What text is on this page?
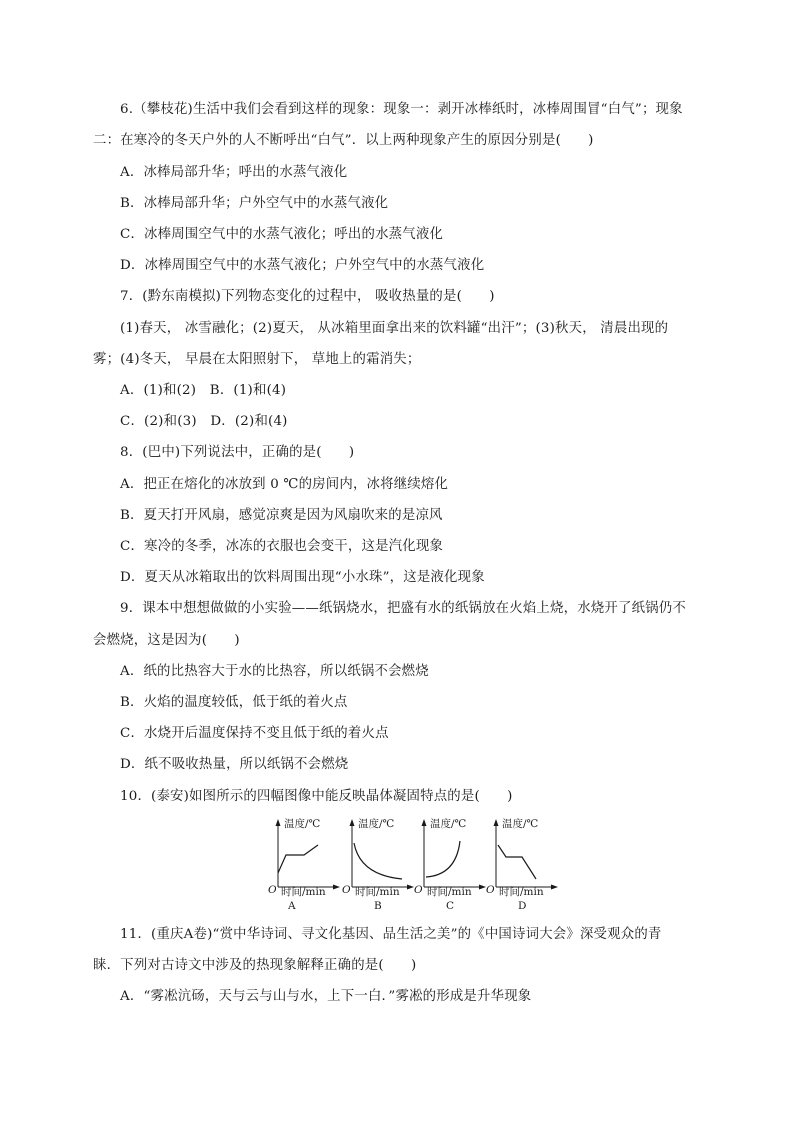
6.（攀枝花)生活中我们会看到这样的现象：现象一：剥开冰棒纸时，冰棒周围冒“白气”；现象
二：在寒冷的冬天户外的人不断呼出“白气”．以上两种现象产生的原因分别是(　　)
A．冰棒局部升华；呼出的水蒸气液化
B．冰棒局部升华；户外空气中的水蒸气液化
C．冰棒周围空气中的水蒸气液化；呼出的水蒸气液化
D．冰棒周围空气中的水蒸气液化；户外空气中的水蒸气液化
7．(黔东南模拟)下列物态变化的过程中， 吸收热量的是(　　)
(1)春天， 冰雪融化；(2)夏天， 从冰箱里面拿出来的饮料罐“出汗”；(3)秋天， 清晨出现的
雾；(4)冬天， 早晨在太阳照射下， 草地上的霜消失；
A．(1)和(2)　B．(1)和(4)
C．(2)和(3)　D．(2)和(4)
8．(巴中)下列说法中，正确的是(　　)
A．把正在熔化的冰放到 0 ℃的房间内，冰将继续熔化
B．夏天打开风扇，感觉凉爽是因为风扇吹来的是凉风
C．寒冷的冬季，冰冻的衣服也会变干，这是汽化现象
D．夏天从冰箱取出的饮料周围出现“小水珠”，这是液化现象
9．课本中想想做做的小实验——纸锅烧水，把盛有水的纸锅放在火焰上烧，水烧开了纸锅仍不
会燃烧，这是因为(　　)
A．纸的比热容大于水的比热容，所以纸锅不会燃烧
B．火焰的温度较低，低于纸的着火点
C．水烧开后温度保持不变且低于纸的着火点
D．纸不吸收热量，所以纸锅不会燃烧
10．(泰安)如图所示的四幅图像中能反映晶体凝固特点的是(　　)
温度/℃
O 时间/min
A
温度/℃
O 时间/min
B
温度/℃
O 时间/min
C
温度/℃
O 时间/min
D
11．(重庆A卷)“赏中华诗词、寻文化基因、品生活之美”的《中国诗词大会》深受观众的青
睐．下列对古诗文中涉及的热现象解释正确的是(　　)
A．“雾凇沆砀，天与云与山与水，上下一白．”雾凇的形成是升华现象
